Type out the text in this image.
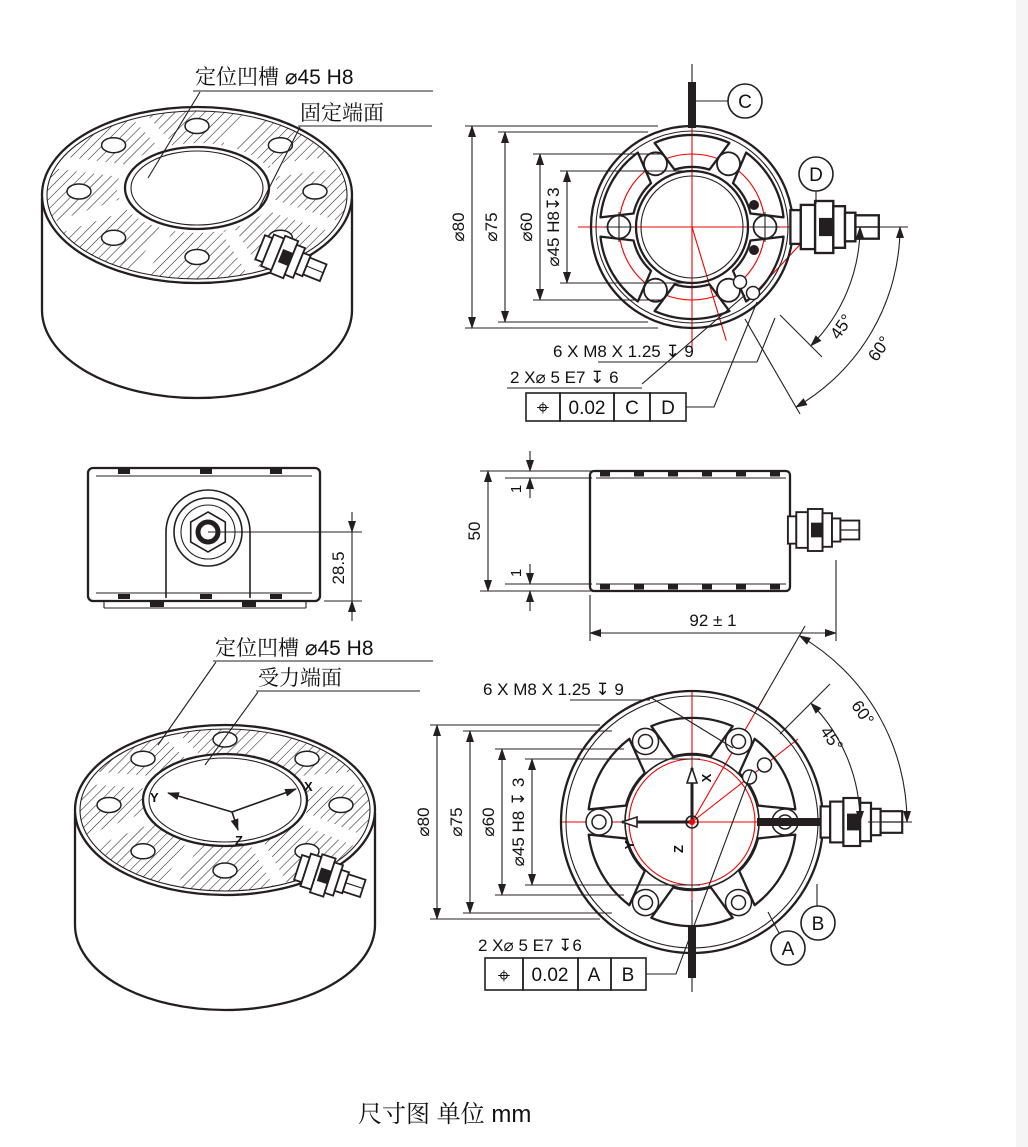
定位凹槽 ⌀45 H8
固定端面	C
D
45°
60°
⌀80 ⌀75 ⌀60 ⌀45 H8↧3
6 X M8 X 1.25 ↧ 9
2 X⌀ 5 E7 ↧ 6
⌖ 0.02 C D
28.5
50
1
1
92 ± 1
X
Y
Z
定位凹槽 ⌀45 H8
受力端面
X
Y	Z
45°
60°
⌀80 ⌀75 ⌀60 ⌀45 H8 ↧ 3
6 X M8 X 1.25 ↧ 9
A
B
2 X⌀ 5 E7 ↧6
⌖ 0.02 A B
尺寸图 单位 mm
